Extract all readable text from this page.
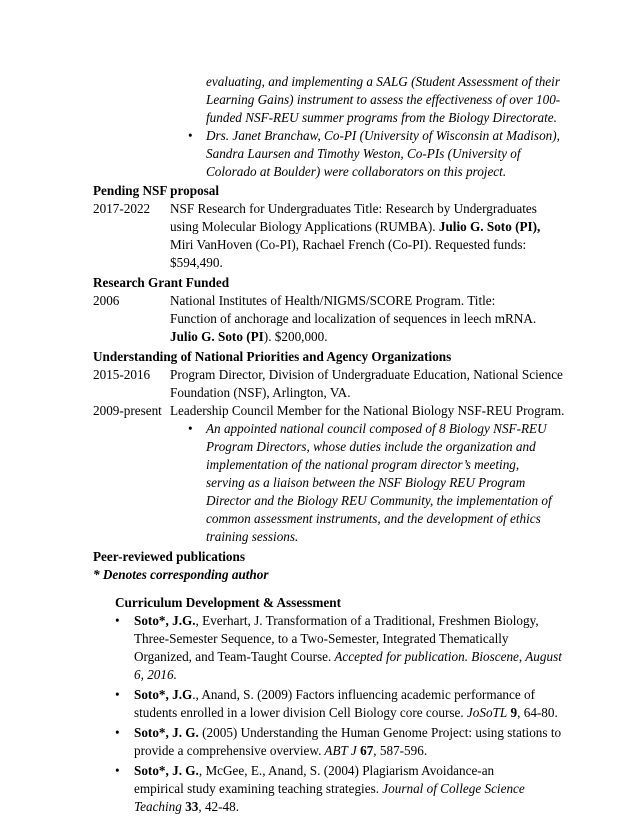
evaluating, and implementing a SALG (Student Assessment of their
Learning Gains) instrument to assess the effectiveness of over 100-
funded NSF-REU summer programs from the Biology Directorate.
• Drs. Janet Branchaw, Co-PI (University of Wisconsin at Madison),
Sandra Laursen and Timothy Weston, Co-PIs (University of
Colorado at Boulder) were collaborators on this project.
Pending NSF proposal
2017-2022 NSF Research for Undergraduates Title: Research by Undergraduates
using Molecular Biology Applications (RUMBA). Julio G. Soto (PI),
Miri VanHoven (Co-PI), Rachael French (Co-PI). Requested funds:
$594,490.
Research Grant Funded
2006	National Institutes of Health/NIGMS/SCORE Program. Title:
Function of anchorage and localization of sequences in leech mRNA.
Julio G. Soto (PI). $200,000.
Understanding of National Priorities and Agency Organizations
2015-2016 Program Director, Division of Undergraduate Education, National Science
Foundation (NSF), Arlington, VA.
2009-present Leadership Council Member for the National Biology NSF-REU Program.
• An appointed national council composed of 8 Biology NSF-REU
Program Directors, whose duties include the organization and
implementation of the national program director’s meeting,
serving as a liaison between the NSF Biology REU Program
Director and the Biology REU Community, the implementation of
common assessment instruments, and the development of ethics
training sessions.
Peer-reviewed publications
* Denotes corresponding author
Curriculum Development & Assessment
• Soto*, J.G., Everhart, J. Transformation of a Traditional, Freshmen Biology,
Three-Semester Sequence, to a Two-Semester, Integrated Thematically
Organized, and Team-Taught Course. Accepted for publication. Bioscene, August
6, 2016.
• Soto*, J.G., Anand, S. (2009) Factors influencing academic performance of
students enrolled in a lower division Cell Biology core course. JoSoTL 9, 64-80.
• Soto*, J. G. (2005) Understanding the Human Genome Project: using stations to
provide a comprehensive overview. ABT J 67, 587-596.
• Soto*, J. G., McGee, E., Anand, S. (2004) Plagiarism Avoidance-an
empirical study examining teaching strategies. Journal of College Science
Teaching 33, 42-48.
